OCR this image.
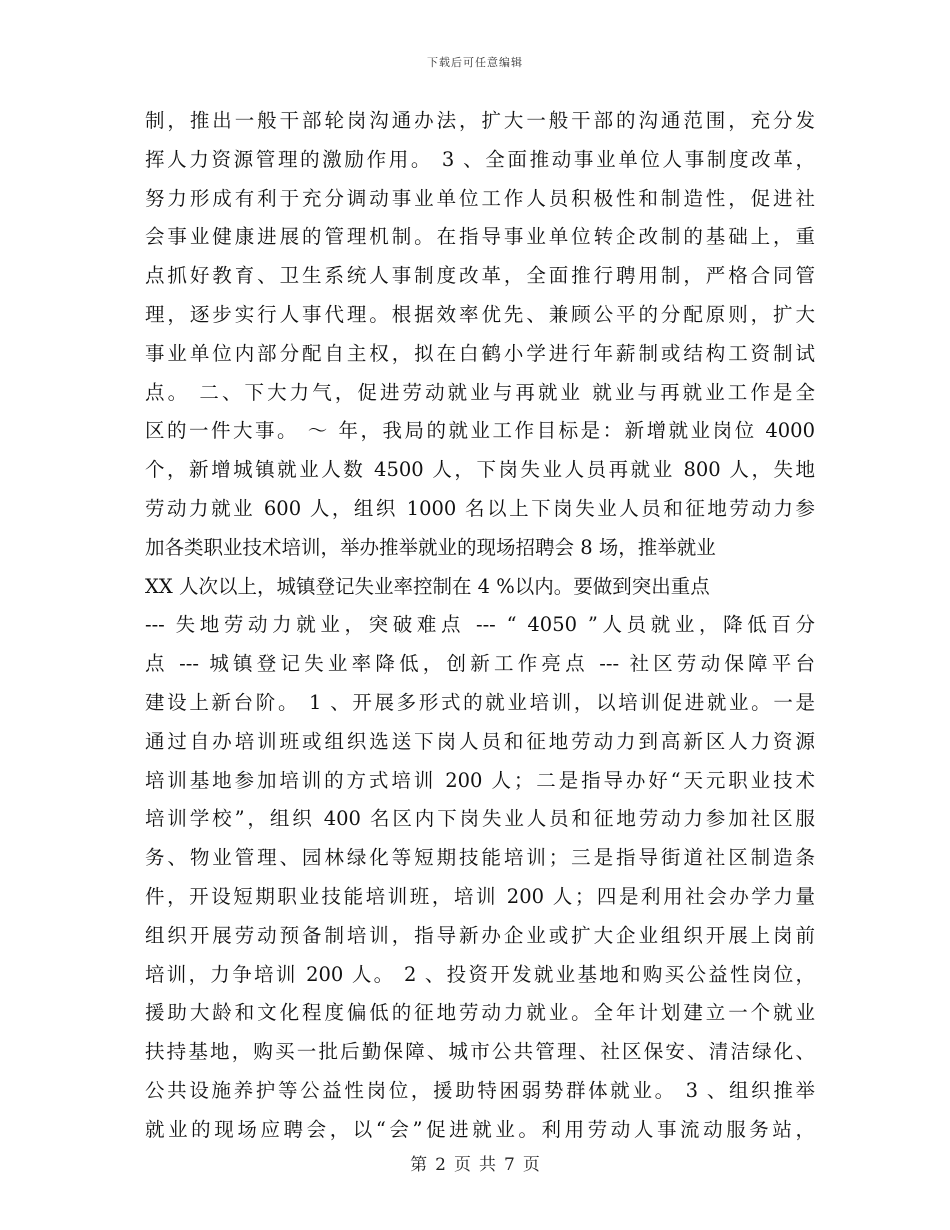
下载后可任意编辑
制，推出一般干部轮岗沟通办法，扩大一般干部的沟通范围，充分发
挥人力资源管理的激励作用。 3 、全面推动事业单位人事制度改革，
努力形成有利于充分调动事业单位工作人员积极性和制造性，促进社
会事业健康进展的管理机制。在指导事业单位转企改制的基础上，重
点抓好教育、卫生系统人事制度改革，全面推行聘用制，严格合同管
理，逐步实行人事代理。根据效率优先、兼顾公平的分配原则，扩大
事业单位内部分配自主权，拟在白鹤小学进行年薪制或结构工资制试
点。 二、下大力气，促进劳动就业与再就业 就业与再就业工作是全
区的一件大事。 ～ 年，我局的就业工作目标是：新增就业岗位 4000
个，新增城镇就业人数 4500 人，下岗失业人员再就业 800 人，失地
劳动力就业 600 人，组织 1000 名以上下岗失业人员和征地劳动力参
加各类职业技术培训，举办推举就业的现场招聘会 8 场，推举就业
XX 人次以上，城镇登记失业率控制在 4 %以内。要做到突出重点
--- 失地劳动力就业，突破难点 --- “ 4050 ”人员就业，降低百分
点 --- 城镇登记失业率降低，创新工作亮点 --- 社区劳动保障平台
建设上新台阶。 1 、开展多形式的就业培训，以培训促进就业。一是
通过自办培训班或组织选送下岗人员和征地劳动力到高新区人力资源
培训基地参加培训的方式培训 200 人；二是指导办好“天元职业技术
培训学校”，组织 400 名区内下岗失业人员和征地劳动力参加社区服
务、物业管理、园林绿化等短期技能培训；三是指导街道社区制造条
件，开设短期职业技能培训班，培训 200 人；四是利用社会办学力量
组织开展劳动预备制培训，指导新办企业或扩大企业组织开展上岗前
培训，力争培训 200 人。 2 、投资开发就业基地和购买公益性岗位，
援助大龄和文化程度偏低的征地劳动力就业。全年计划建立一个就业
扶持基地，购买一批后勤保障、城市公共管理、社区保安、清洁绿化、
公共设施养护等公益性岗位，援助特困弱势群体就业。 3 、组织推举
就业的现场应聘会，以“会”促进就业。利用劳动人事流动服务站，
第 2 页 共 7 页
